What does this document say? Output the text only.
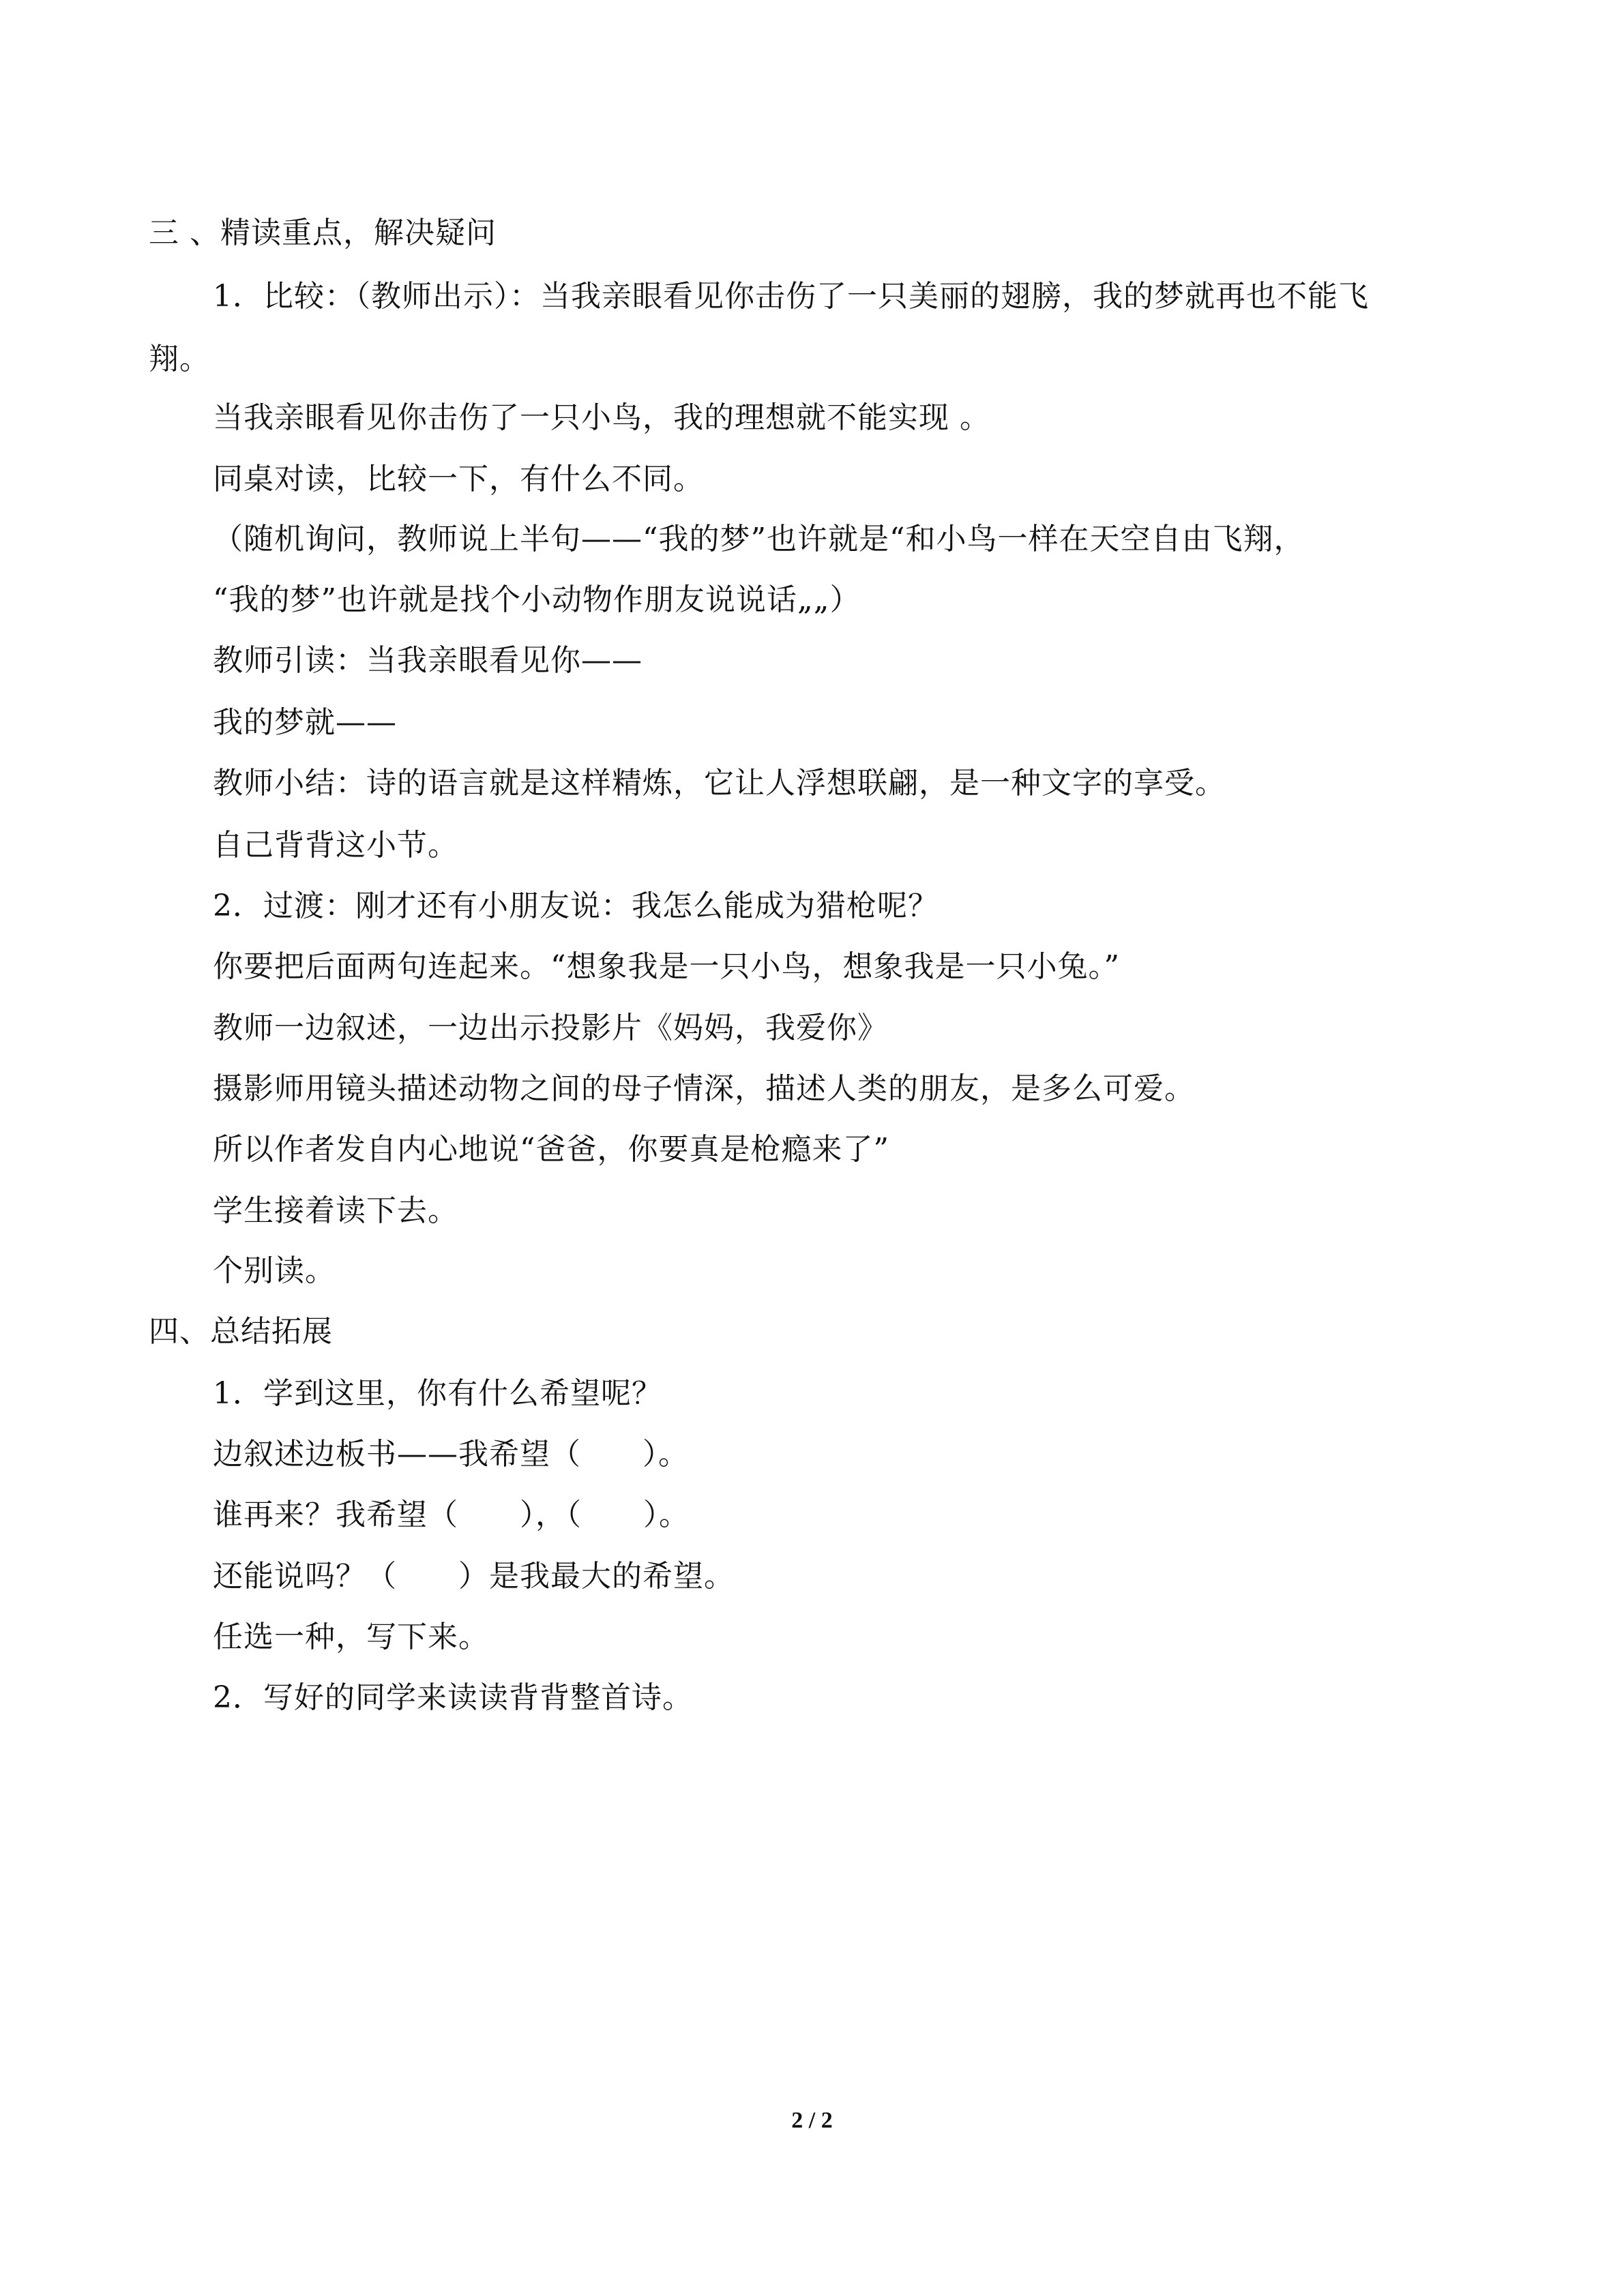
三 、精读重点，解决疑问
1．比较：（教师出示）：当我亲眼看见你击伤了一只美丽的翅膀，我的梦就再也不能飞
翔。
当我亲眼看见你击伤了一只小鸟，我的理想就不能实现 。
同桌对读，比较一下，有什么不同。
（随机询问，教师说上半句——“我的梦”也许就是“和小鸟一样在天空自由飞翔，
“我的梦”也许就是找个小动物作朋友说说话„„）
教师引读：当我亲眼看见你——
我的梦就——
教师小结：诗的语言就是这样精炼，它让人浮想联翩，是一种文字的享受。
自己背背这小节。
2．过渡：刚才还有小朋友说：我怎么能成为猎枪呢？
你要把后面两句连起来。“想象我是一只小鸟，想象我是一只小兔。”
教师一边叙述，一边出示投影片《妈妈，我爱你》
摄影师用镜头描述动物之间的母子情深，描述人类的朋友，是多么可爱。
所以作者发自内心地说“爸爸，你要真是枪瘾来了”
学生接着读下去。
个别读。
四、总结拓展
1．学到这里，你有什么希望呢？
边叙述边板书——我希望（　　）。
谁再来？我希望（　　），（　　）。
还能说吗？（　　）是我最大的希望。
任选一种，写下来。
2．写好的同学来读读背背整首诗。
2 / 2
